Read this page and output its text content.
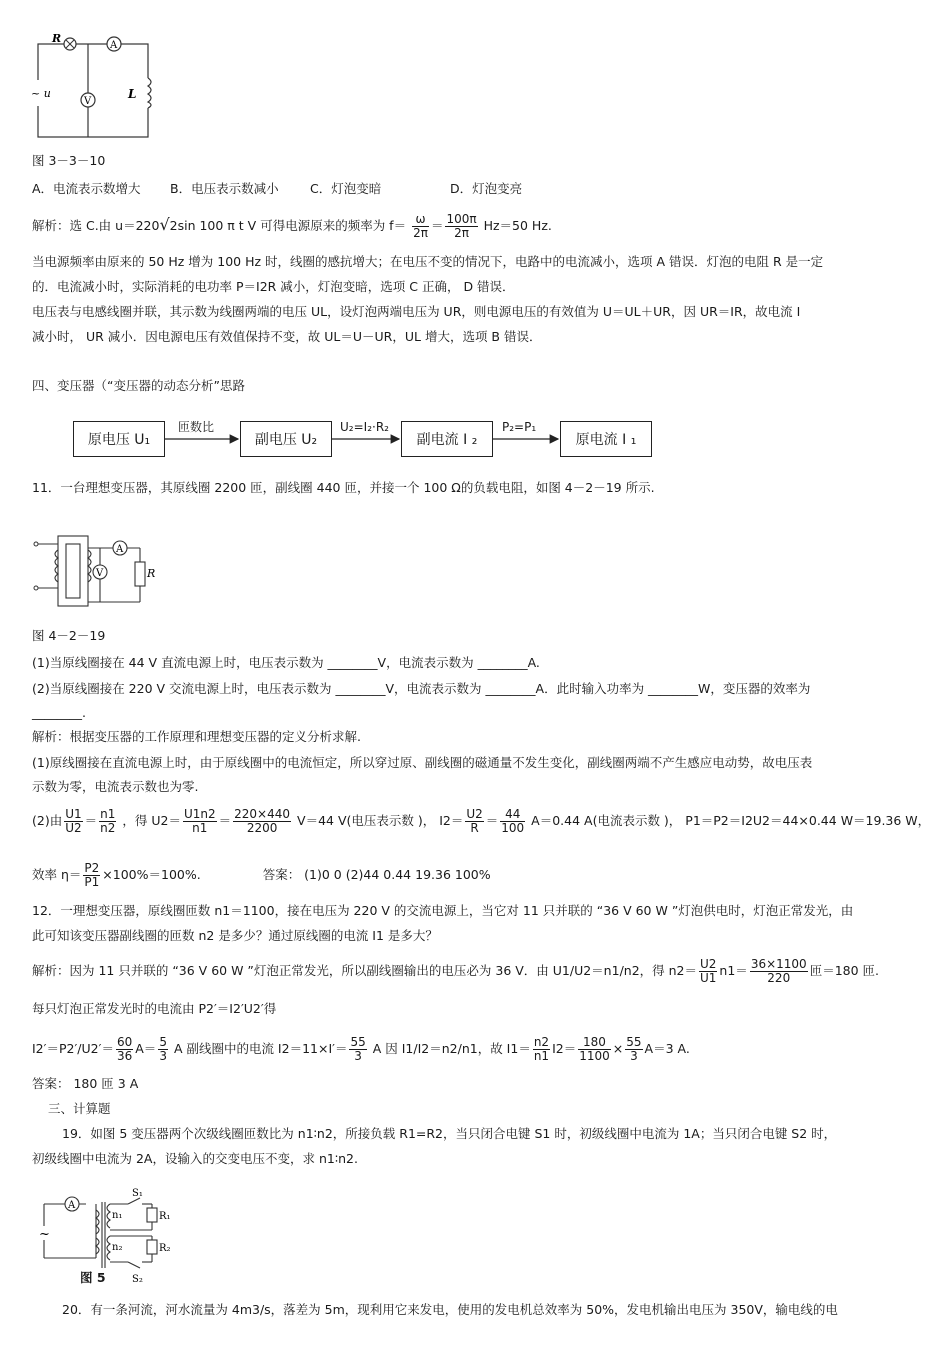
~ u
R
A
V
L
图 3－3－10
A．电流表示数增大 B．电压表示数减小	C．灯泡变暗	D．灯泡变亮
解析：选 C.由 u＝220√2sin 100 π t V 可得电源原来的频率为 $f= \frac{\omega}{2\pi} = \frac{100\pi}{2\pi} Hz=50$ Hz.
当电源频率由原来的 50 Hz 增为 100 Hz 时，线圈的感抗增大；在电压不变的情况下，电路中的电流减小，选项 A 错误．灯泡的电阻 R 是一定
的．电流减小时，实际消耗的电功率 P＝I2R 减小，灯泡变暗，选项 C 正确， D 错误．
电压表与电感线圈并联，其示数为线圈两端的电压 UL，设灯泡两端电压为 UR，则电源电压的有效值为 U＝UL＋UR，因 UR＝IR，故电流 I
减小时， UR 减小．因电源电压有效值保持不变，故 UL＝U－UR，UL 增大，选项 B 错误．
四、变压器（“变压器的动态分析”思路
原电压 U₁	副电压 U₂	副电流 I ₂	原电流 I ₁
匝数比	U₂=I₂·R₂	P₂=P₁
11．一台理想变压器，其原线圈 2200 匝，副线圈 440 匝，并接一个 100 Ω的负载电阻，如图 4－2－19 所示.
A
V	R
图 4－2－19
(1)当原线圈接在 44 V 直流电源上时，电压表示数为 ________V，电流表示数为 ________A.
(2)当原线圈接在 220 V 交流电源上时，电压表示数为 ________V，电流表示数为 ________A．此时输入功率为 ________W，变压器的效率为
________.
解析：根据变压器的工作原理和理想变压器的定义分析求解.
(1)原线圈接在直流电源上时，由于原线圈中的电流恒定，所以穿过原、副线圈的磁通量不发生变化，副线圈两端不产生感应电动势，故电压表
示数为零，电流表示数也为零.
(2)由 $\frac{U1}{U2} = \frac{n1}{n2}$ ，得 $U2= \frac{U1n2}{n1} = \frac{220\times 440}{2200} V=44$ V(电压表示数 )， $I2= \frac{U2}{R} = \frac{44}{100} A=0.44$ A(电流表示数 )， P1＝P2＝I2U2＝44×0.44 W＝19.36 W，
效率 $\eta= \frac{P2}{P1} \times 100\%=100\%$.	答案： (1)0 0 (2)44 0.44 19.36 100%
12．一理想变压器，原线圈匝数 n1＝1100，接在电压为 220 V 的交流电源上，当它对 11 只并联的 “36 V 60 W ”灯泡供电时，灯泡正常发光，由
此可知该变压器副线圈的匝数 n2 是多少？通过原线圈的电流 I1 是多大？
解析：因为 11 只并联的 “36 V 60 W ”灯泡正常发光，所以副线圈输出的电压必为 36 V．由 U1/U2＝n1/n2，得 $n2= \frac{U2}{U1} n1= \frac{36\times 1100}{220}$ 匝＝180 匝.
每只灯泡正常发光时的电流由 P2′＝I2′U2′得
$I2'=P2'/U2'= \frac{60}{36} A= \frac{5}{3}$ A 副线圈中的电流 $I2=11\times I'= \frac{55}{3}$ A 因 I1/I2＝n2/n1，故 $I1= \frac{n2}{n1} I2= \frac{180}{1100} \times \frac{55}{3} A=3$ A.
答案： 180 匝 3 A
三、计算题
19．如图 5 变压器两个次级线圈匝数比为 n1∶n2，所接负载 R1=R2，当只闭合电键 S1 时，初级线圈中电流为 1A；当只闭合电键 S2 时，
初级线圈中电流为 2A，设输入的交变电压不变，求 n1∶n2.
A
~
S₁
S₂
n₁
n₂
R₁
R₂
图 5
20．有一条河流，河水流量为 4m3/s，落差为 5m，现利用它来发电，使用的发电机总效率为 50%，发电机输出电压为 350V，输电线的电
